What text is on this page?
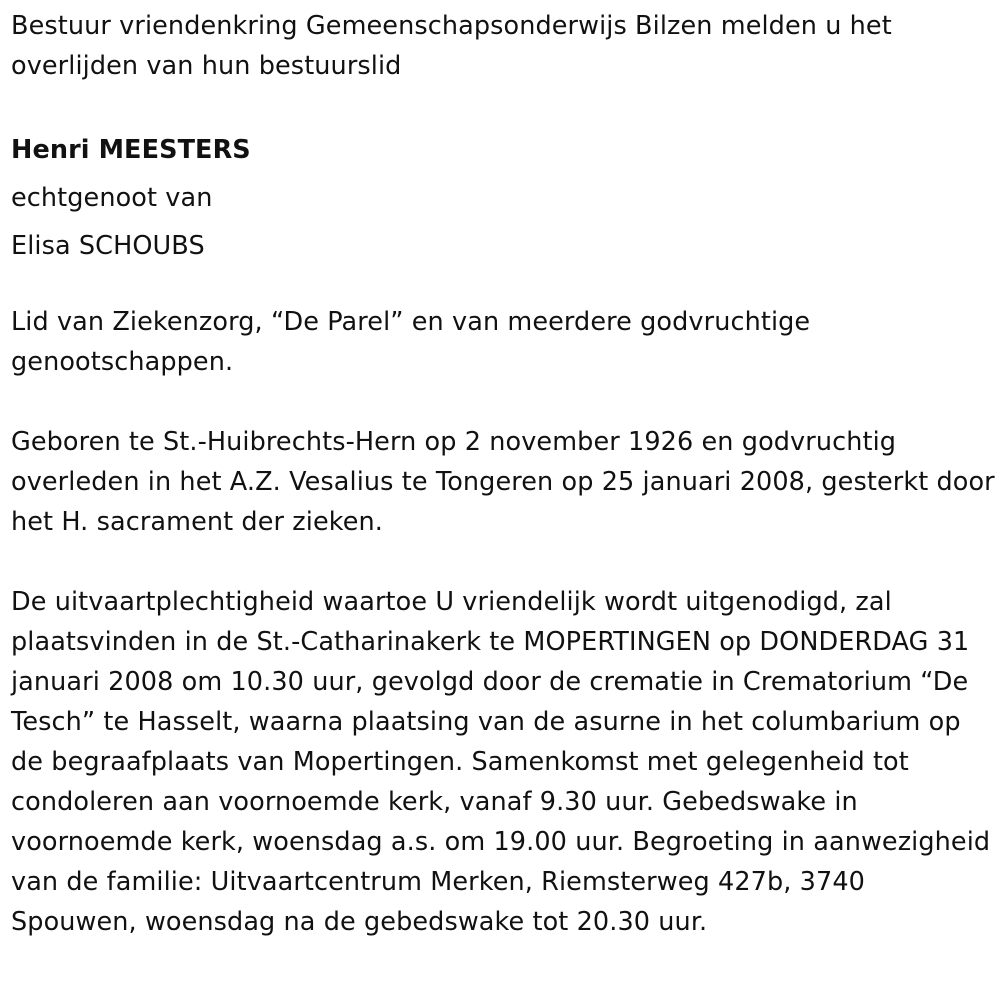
Bestuur vriendenkring Gemeenschapsonderwijs Bilzen melden u het overlijden van hun bestuurslid

Henri MEESTERS

echtgenoot van

Elisa SCHOUBS

Lid van Ziekenzorg, “De Parel” en van meerdere godvruchtige genootschappen.

Geboren te St.-Huibrechts-Hern op 2 november 1926 en godvruchtig overleden in het A.Z. Vesalius te Tongeren op 25 januari 2008, gesterkt door het H. sacrament der zieken.

De uitvaartplechtigheid waartoe U vriendelijk wordt uitgenodigd, zal plaatsvinden in de St.-Catharinakerk te MOPERTINGEN op DONDERDAG 31 januari 2008 om 10.30 uur, gevolgd door de crematie in Crematorium “De Tesch” te Hasselt, waarna plaatsing van de asurne in het columbarium op de begraafplaats van Mopertingen. Samenkomst met gelegenheid tot condoleren aan voornoemde kerk, vanaf 9.30 uur. Gebedswake in voornoemde kerk, woensdag a.s. om 19.00 uur. Begroeting in aanwezigheid van de familie: Uitvaartcentrum Merken, Riemsterweg 427b, 3740 Spouwen, woensdag na de gebedswake tot 20.30 uur.
